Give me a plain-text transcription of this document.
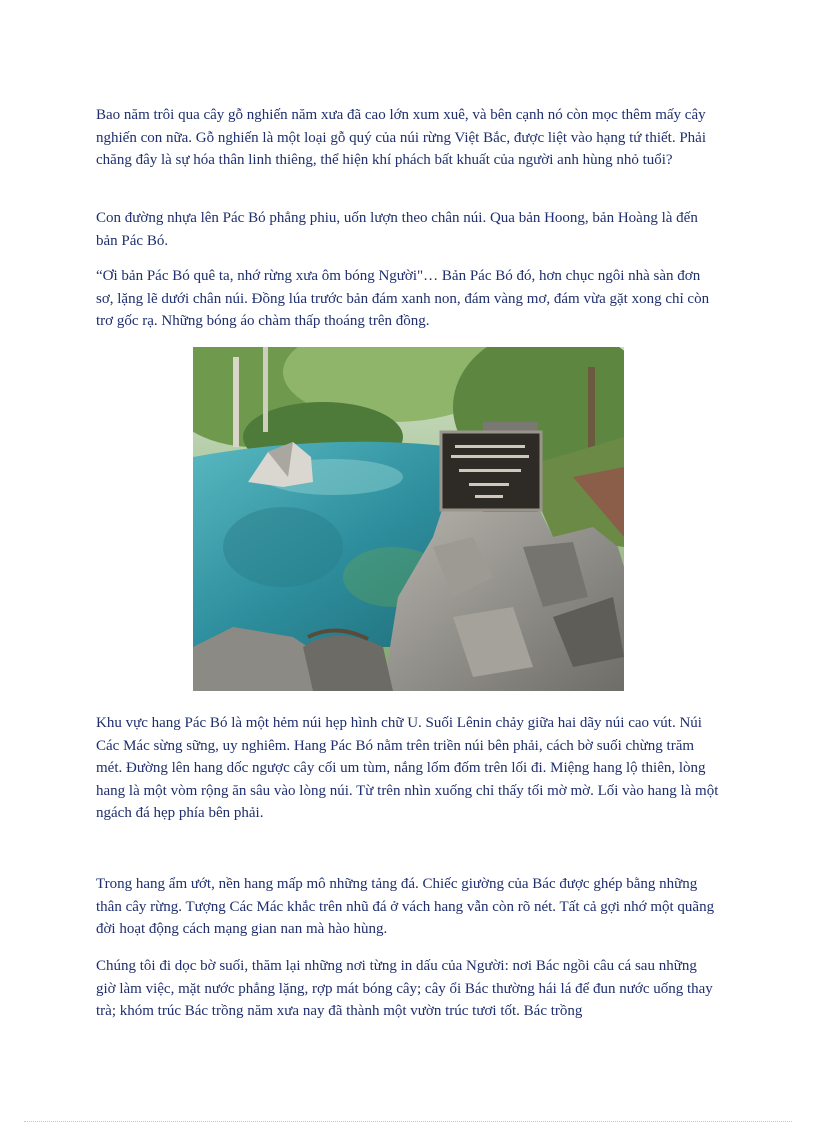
Bao năm trôi qua cây gỗ nghiến năm xưa đã cao lớn xum xuê, và bên cạnh nó còn mọc thêm mấy cây nghiến con nữa. Gỗ nghiến là một loại gỗ quý của núi rừng Việt Bắc, được liệt vào hạng tứ thiết. Phải chăng đây là sự hóa thân linh thiêng, thể hiện khí phách bất khuất của người anh hùng nhỏ tuổi?

Con đường nhựa lên Pác Bó phẳng phiu, uốn lượn theo chân núi. Qua bản Hoong, bản Hoàng là đến bản Pác Bó.

“Ơi bản Pác Bó quê ta, nhớ rừng xưa ôm bóng Người"… Bản Pác Bó đó, hơn chục ngôi nhà sàn đơn sơ, lặng lẽ dưới chân núi. Đồng lúa trước bản đám xanh non, đám vàng mơ, đám vừa gặt xong chỉ còn trơ gốc rạ. Những bóng áo chàm thấp thoáng trên đồng.

Khu vực hang Pác Bó là một hẻm núi hẹp hình chữ U. Suối Lênin chảy giữa hai dãy núi cao vút. Núi Các Mác sừng sững, uy nghiêm. Hang Pác Bó nằm trên triền núi bên phải, cách bờ suối chừng trăm mét. Đường lên hang dốc ngược cây cối um tùm, nắng lốm đốm trên lối đi. Miệng hang lộ thiên, lòng hang là một vòm rộng ăn sâu vào lòng núi. Từ trên nhìn xuống chỉ thấy tối mờ mờ. Lối vào hang là một ngách đá hẹp phía bên phải.

Trong hang ẩm ướt, nền hang mấp mô những tảng đá. Chiếc giường của Bác được ghép bằng những thân cây rừng. Tượng Các Mác khắc trên nhũ đá ở vách hang vẫn còn rõ nét. Tất cả gợi nhớ một quãng đời hoạt động cách mạng gian nan mà hào hùng.

Chúng tôi đi dọc bờ suối, thăm lại những nơi từng in dấu của Người: nơi Bác ngồi câu cá sau những giờ làm việc, mặt nước phẳng lặng, rợp mát bóng cây; cây ổi Bác thường hái lá để đun nước uống thay trà; khóm trúc Bác trồng năm xưa nay đã thành một vườn trúc tươi tốt. Bác trồng
